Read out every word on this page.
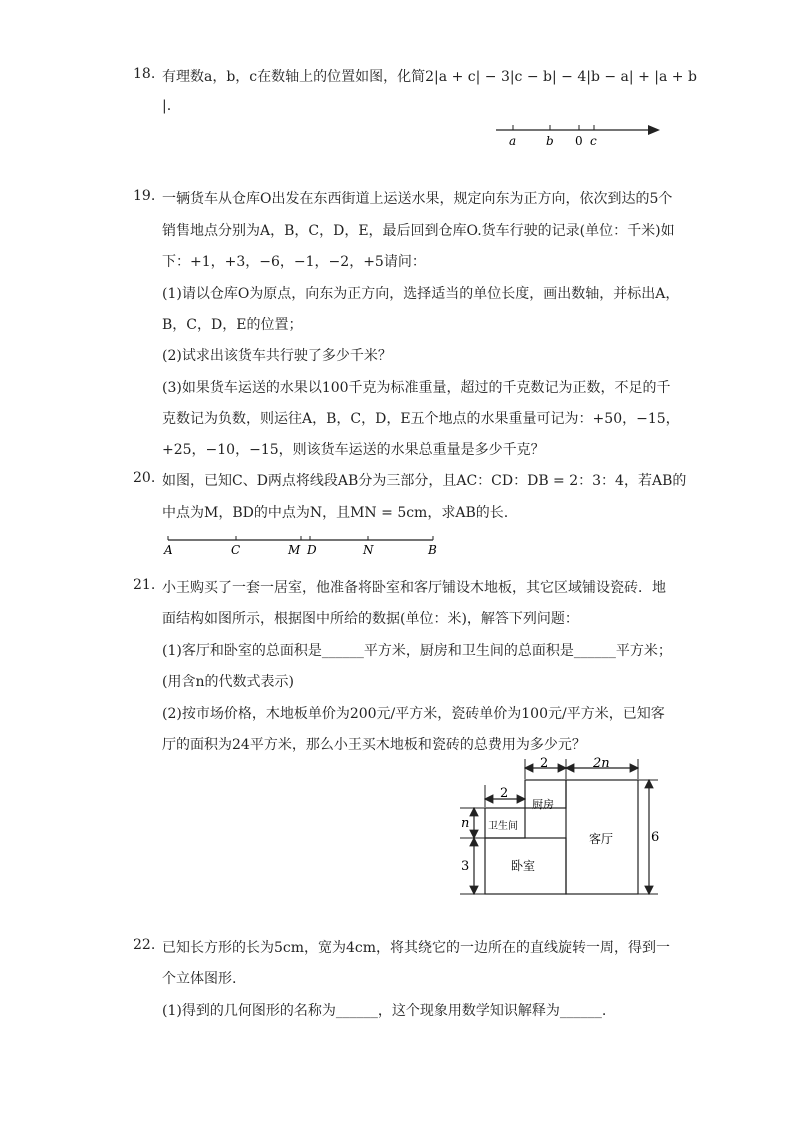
18. 有理数a，b，c在数轴上的位置如图，化简2|a + c| − 3|c − b| − 4|b − a| + |a + b
|.
a b 0 c
19. 一辆货车从仓库O出发在东西街道上运送水果，规定向东为正方向，依次到达的5个
销售地点分别为A，B，C，D，E，最后回到仓库O.货车行驶的记录(单位：千米)如
下：+1，+3，−6，−1，−2，+5请问：
(1)请以仓库O为原点，向东为正方向，选择适当的单位长度，画出数轴，并标出A，
B，C，D，E的位置；
(2)试求出该货车共行驶了多少千米？
(3)如果货车运送的水果以100千克为标准重量，超过的千克数记为正数，不足的千
克数记为负数，则运往A，B，C，D，E五个地点的水果重量可记为：+50，−15，
+25，−10，−15，则该货车运送的水果总重量是多少千克？
20. 如图，已知C、D两点将线段AB分为三部分，且AC：CD：DB = 2：3：4，若AB的
中点为M，BD的中点为N，且MN = 5cm，求AB的长.
A	C	M D	N	B
21. 小王购买了一套一居室，他准备将卧室和客厅铺设木地板，其它区域铺设瓷砖．地
面结构如图所示，根据图中所给的数据(单位：米)，解答下列问题：
(1)客厅和卧室的总面积是______平方米，厨房和卫生间的总面积是______平方米；
(用含n的代数式表示)
(2)按市场价格，木地板单价为200元/平方米，瓷砖单价为100元/平方米，已知客
厅的面积为24平方米，那么小王买木地板和瓷砖的总费用为多少元？
2	2n
2
n
3
6
厨房
卫生间
卧室
客厅
22. 已知长方形的长为5cm，宽为4cm，将其绕它的一边所在的直线旋转一周，得到一
个立体图形.
(1)得到的几何图形的名称为______，这个现象用数学知识解释为______.
